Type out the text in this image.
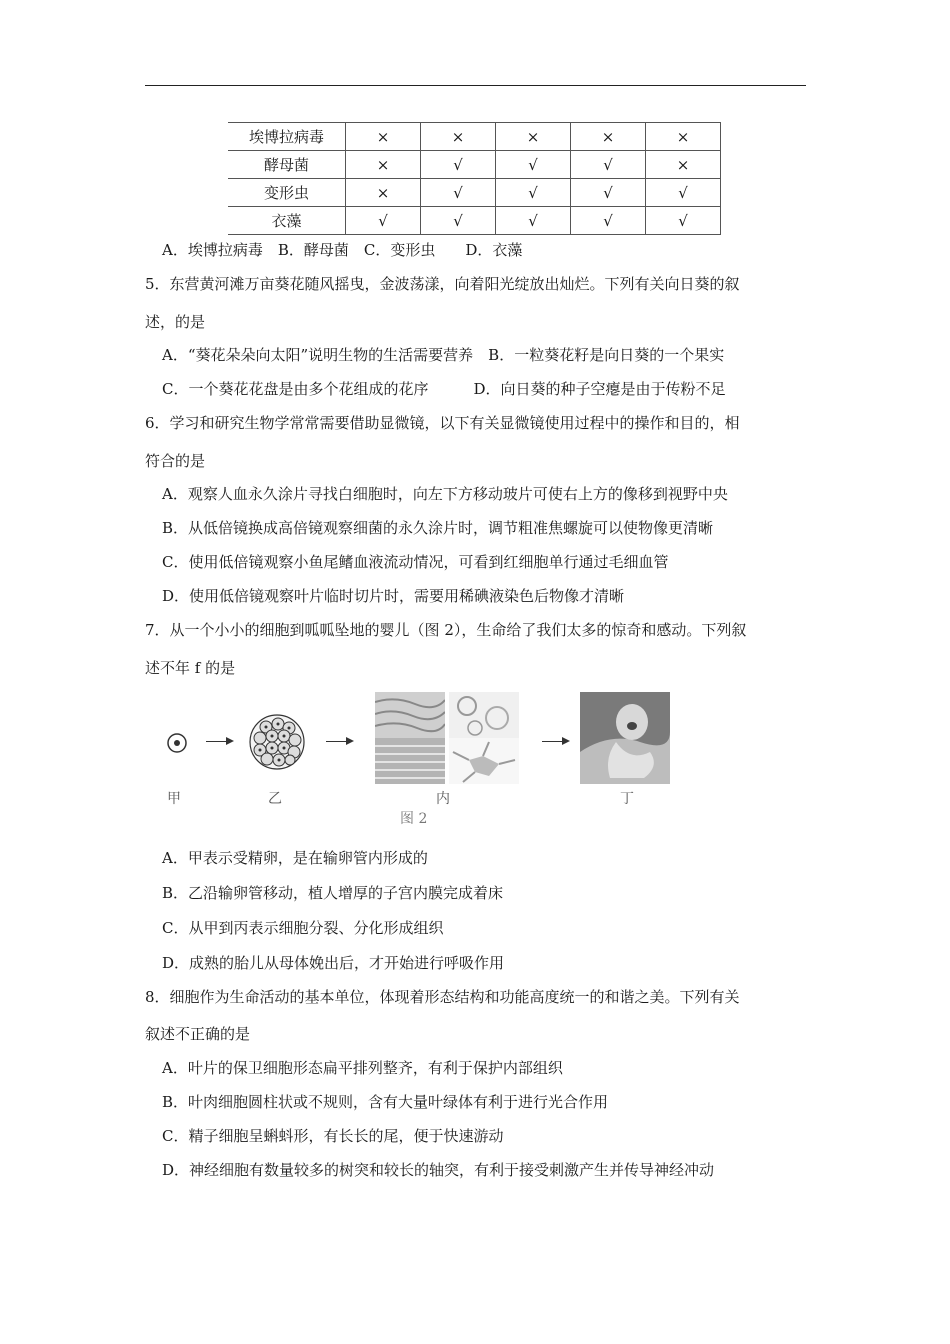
埃博拉病毒	×	×	×	×	×
酵母菌	×	√	√	√	×
变形虫	×	√	√	√	√
衣藻	√	√	√	√	√
A．埃博拉病毒　B．酵母菌　C．变形虫　　D．衣藻
5．东营黄河滩万亩葵花随风摇曳，金波荡漾，向着阳光绽放出灿烂。下列有关向日葵的叙
述，的是
A．“葵花朵朵向太阳”说明生物的生活需要营养　B．一粒葵花籽是向日葵的一个果实
C．一个葵花花盘是由多个花组成的花序　　　D．向日葵的种子空瘪是由于传粉不足
6．学习和研究生物学常常需要借助显微镜，以下有关显微镜使用过程中的操作和目的，相
符合的是
A．观察人血永久涂片寻找白细胞时，向左下方移动玻片可使右上方的像移到视野中央
B．从低倍镜换成高倍镜观察细菌的永久涂片时，调节粗准焦螺旋可以使物像更清晰
C．使用低倍镜观察小鱼尾鳍血液流动情况，可看到红细胞单行通过毛细血管
D．使用低倍镜观察叶片临时切片时，需要用稀碘液染色后物像才清晰
7．从一个小小的细胞到呱呱坠地的婴儿（图 2），生命给了我们太多的惊奇和感动。下列叙
述不年 f 的是
甲	乙	内	丁
图 2
A．甲表示受精卵，是在输卵管内形成的
B．乙沿输卵管移动，植人增厚的子宫内膜完成着床
C．从甲到丙表示细胞分裂、分化形成组织
D．成熟的胎儿从母体娩出后，才开始进行呼吸作用
8．细胞作为生命活动的基本单位，体现着形态结构和功能高度统一的和谐之美。下列有关
叙述不正确的是
A．叶片的保卫细胞形态扁平排列整齐，有利于保护内部组织
B．叶肉细胞圆柱状或不规则，含有大量叶绿体有利于进行光合作用
C．精子细胞呈蝌蚪形，有长长的尾，便于快速游动
D．神经细胞有数量较多的树突和较长的轴突，有利于接受刺激产生并传导神经冲动
